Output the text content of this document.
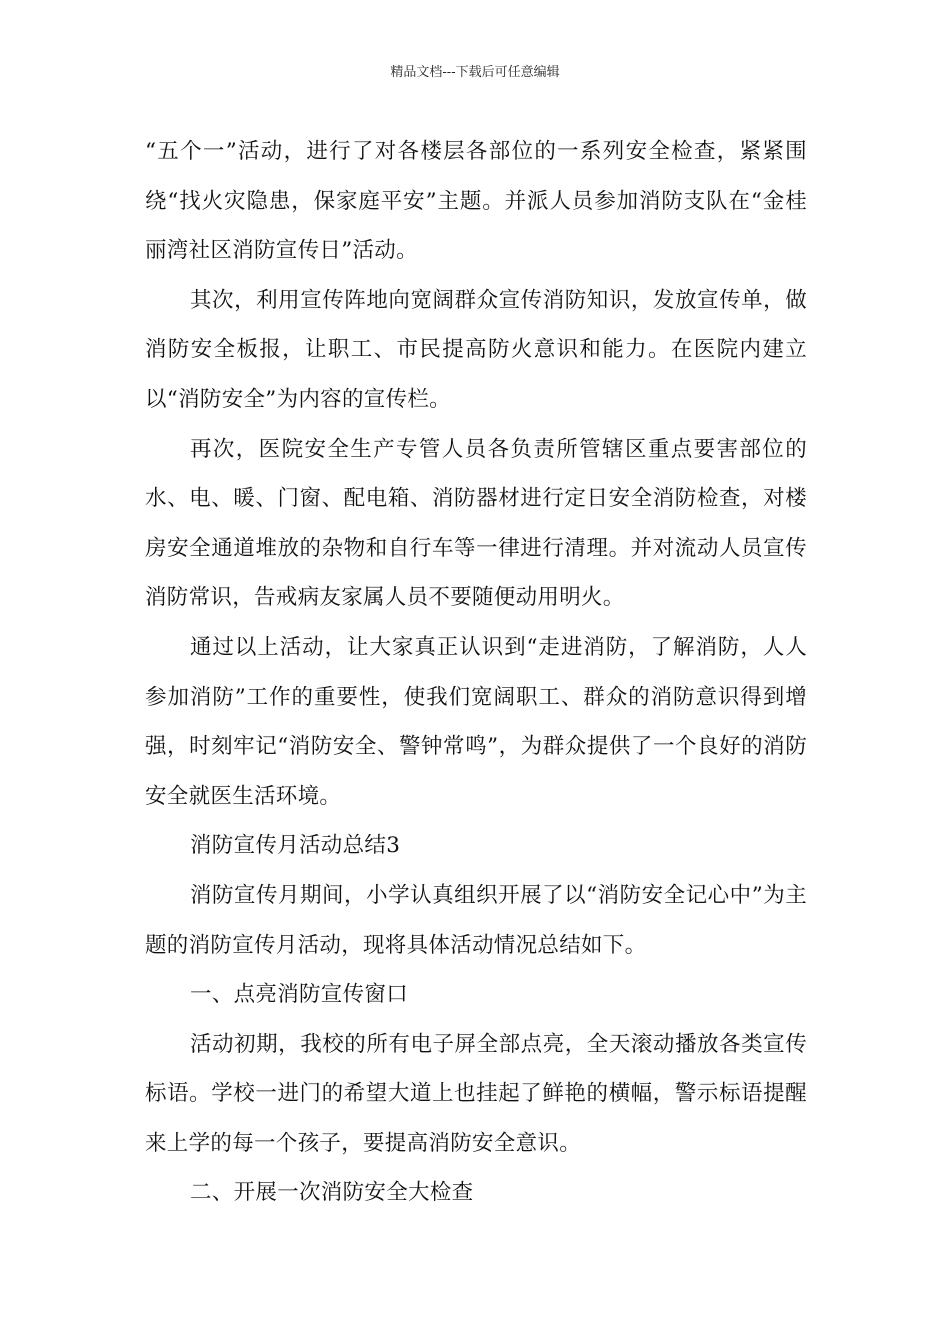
精品文档---下载后可任意编辑

“五个一”活动，进行了对各楼层各部位的一系列安全检查，紧紧围绕“找火灾隐患，保家庭平安”主题。并派人员参加消防支队在“金桂丽湾社区消防宣传日”活动。

其次，利用宣传阵地向宽阔群众宣传消防知识，发放宣传单，做消防安全板报，让职工、市民提高防火意识和能力。在医院内建立以“消防安全”为内容的宣传栏。

再次，医院安全生产专管人员各负责所管辖区重点要害部位的水、电、暖、门窗、配电箱、消防器材进行定日安全消防检查，对楼房安全通道堆放的杂物和自行车等一律进行清理。并对流动人员宣传消防常识，告戒病友家属人员不要随便动用明火。

通过以上活动，让大家真正认识到“走进消防，了解消防，人人参加消防”工作的重要性，使我们宽阔职工、群众的消防意识得到增强，时刻牢记“消防安全、警钟常鸣”，为群众提供了一个良好的消防安全就医生活环境。

消防宣传月活动总结3

消防宣传月期间，小学认真组织开展了以“消防安全记心中”为主题的消防宣传月活动，现将具体活动情况总结如下。

一、点亮消防宣传窗口

活动初期，我校的所有电子屏全部点亮，全天滚动播放各类宣传标语。学校一进门的希望大道上也挂起了鲜艳的横幅，警示标语提醒来上学的每一个孩子，要提高消防安全意识。

二、开展一次消防安全大检查
